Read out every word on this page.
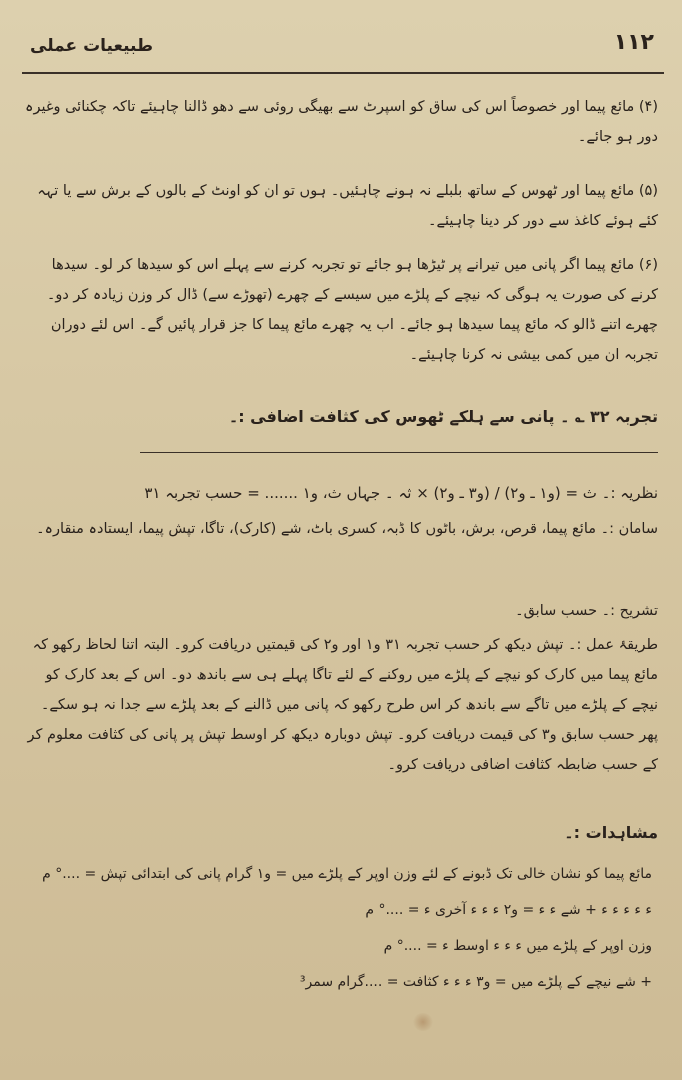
١١٢
طبیعیات عملی
(۴) مائع پیما اور خصوصاً اس کی ساق کو اسپرٹ سے بھیگی روئی سے دھو ڈالنا چاہیئے تاکہ چکنائی وغیرہ دور ہو جائے۔
(۵) مائع پیما اور ٹھوس کے ساتھ بلبلے نہ ہونے چاہئیں۔ ہوں تو ان کو اونٹ کے بالوں کے برش سے یا تہہ کئے ہوئے کاغذ سے دور کر دینا چاہیئے۔
(۶) مائع پیما اگر پانی میں تیرانے پر ٹیڑھا ہو جائے تو تجربہ کرنے سے پہلے اس کو سیدھا کر لو۔ سیدھا کرنے کی صورت یہ ہوگی کہ نیچے کے پلڑے میں سیسے کے چھرے (تھوڑے سے) ڈال کر وزن زیادہ کر دو۔ چھرے اتنے ڈالو کہ مائع پیما سیدھا ہو جائے۔ اب یہ چھرے مائع پیما کا جز قرار پائیں گے۔ اس لئے دوران تجربہ ان میں کمی بیشی نہ کرنا چاہیئے۔
تجربہ ۳۲ ؎ ۔ پانی سے ہلکے ٹھوس کی کثافت اضافی :۔
نظریہ :۔ ث = (و۱ ـ و۲) / (و۳ ـ و۲) × ثہ ۔ جہاں ث، و۱ ....... = حسب تجربہ ۳۱
سامان :۔ مائع پیما، قرص، برش، باٹوں کا ڈبہ، کسری باٹ، شے (کارک)، تاگا، تپش پیما، ایستادہ منقارہ۔
تشریح :۔ حسب سابق۔
طریقۂ عمل :۔ تپش دیکھ کر حسب تجربہ ۳۱ و۱ اور و۲ کی قیمتیں دریافت کرو۔ البتہ اتنا لحاظ رکھو کہ مائع پیما میں کارک کو نیچے کے پلڑے میں روکنے کے لئے تاگا پہلے ہی سے باندھ دو۔ اس کے بعد کارک کو نیچے کے پلڑے میں تاگے سے باندھ کر اس طرح رکھو کہ پانی میں ڈالنے کے بعد پلڑے سے جدا نہ ہو سکے۔ پھر حسب سابق و۳ کی قیمت دریافت کرو۔ تپش دوبارہ دیکھ کر اوسط تپش پر پانی کی کثافت معلوم کر کے حسب ضابطہ کثافت اضافی دریافت کرو۔
مشاہدات :۔
مائع پیما کو نشان خالی تک ڈبونے کے لئے وزن اوپر کے پلڑے میں = و۱ گرام پانی کی ابتدائی تپش = ....° م
ء ء ء ء ء + شے ء ء = و۲ ء ء ء آخری ء = ....° م
وزن اوپر کے پلڑے میں ء ء ء اوسط ء = ....° م
+ شے نیچے کے پلڑے میں = و۳ ء ء ء کثافت = ....گرام سمر³
